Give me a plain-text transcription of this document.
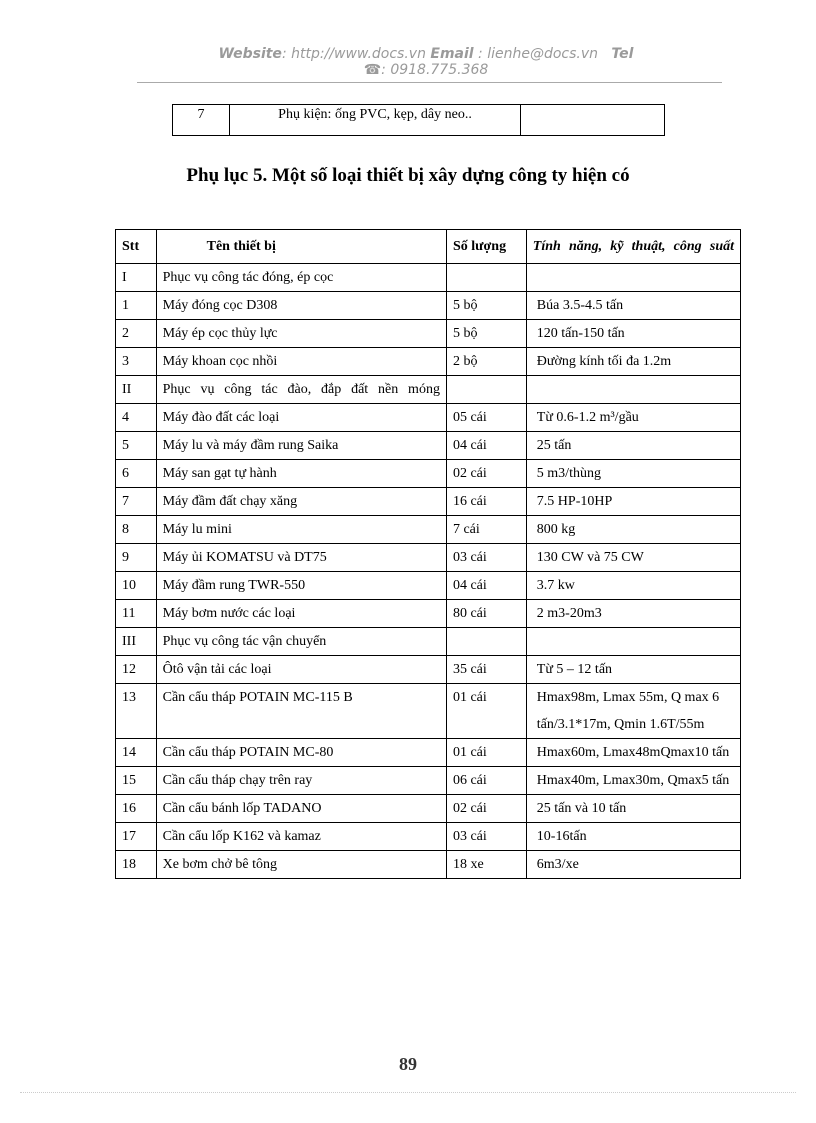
Website: http://www.docs.vn Email : lienhe@docs.vn Tel
☎: 0918.775.368
7	Phụ kiện: ống PVC, kẹp, dây neo..	
Phụ lục 5. Một số loại thiết bị xây dựng công ty hiện có
Stt	Tên thiết bị	Số lượng	Tính năng, kỹ thuật, công suất
I	Phục vụ công tác đóng, ép cọc		
1	Máy đóng cọc D308	5 bộ	Búa 3.5-4.5 tấn
2	Máy ép cọc thủy lực	5 bộ	120 tấn-150 tấn
3	Máy khoan cọc nhồi	2 bộ	Đường kính tối đa 1.2m
II	Phục vụ công tác đào, đắp đất nền móng		
4	Máy đào đất các loại	05 cái	Từ 0.6-1.2 m³/gầu
5	Máy lu và máy đầm rung Saika	04 cái	25 tấn
6	Máy san gạt tự hành	02 cái	5 m3/thùng
7	Máy đầm đất chạy xăng	16 cái	7.5 HP-10HP
8	Máy lu mini	7 cái	800 kg
9	Máy ủi KOMATSU và DT75	03 cái	130 CW và 75 CW
10	Máy đầm rung TWR-550	04 cái	3.7 kw
11	Máy bơm nước các loại	80 cái	2 m3-20m3
III	Phục vụ công tác vận chuyển		
12	Ôtô vận tải các loại	35 cái	Từ 5 – 12 tấn
13	Cần cẩu tháp POTAIN MC-115 B	01 cái	Hmax98m, Lmax 55m, Q max 6 tấn/3.1*17m, Qmin 1.6T/55m
14	Cần cẩu tháp POTAIN MC-80	01 cái	Hmax60m, Lmax48mQmax10 tấn
15	Cần cẩu tháp chạy trên ray	06 cái	Hmax40m, Lmax30m, Qmax5 tấn
16	Cần cẩu bánh lốp TADANO	02 cái	25 tấn và 10 tấn
17	Cần cẩu lốp K162 và kamaz	03 cái	10-16tấn
18	Xe bơm chở bê tông	18 xe	6m3/xe
89
